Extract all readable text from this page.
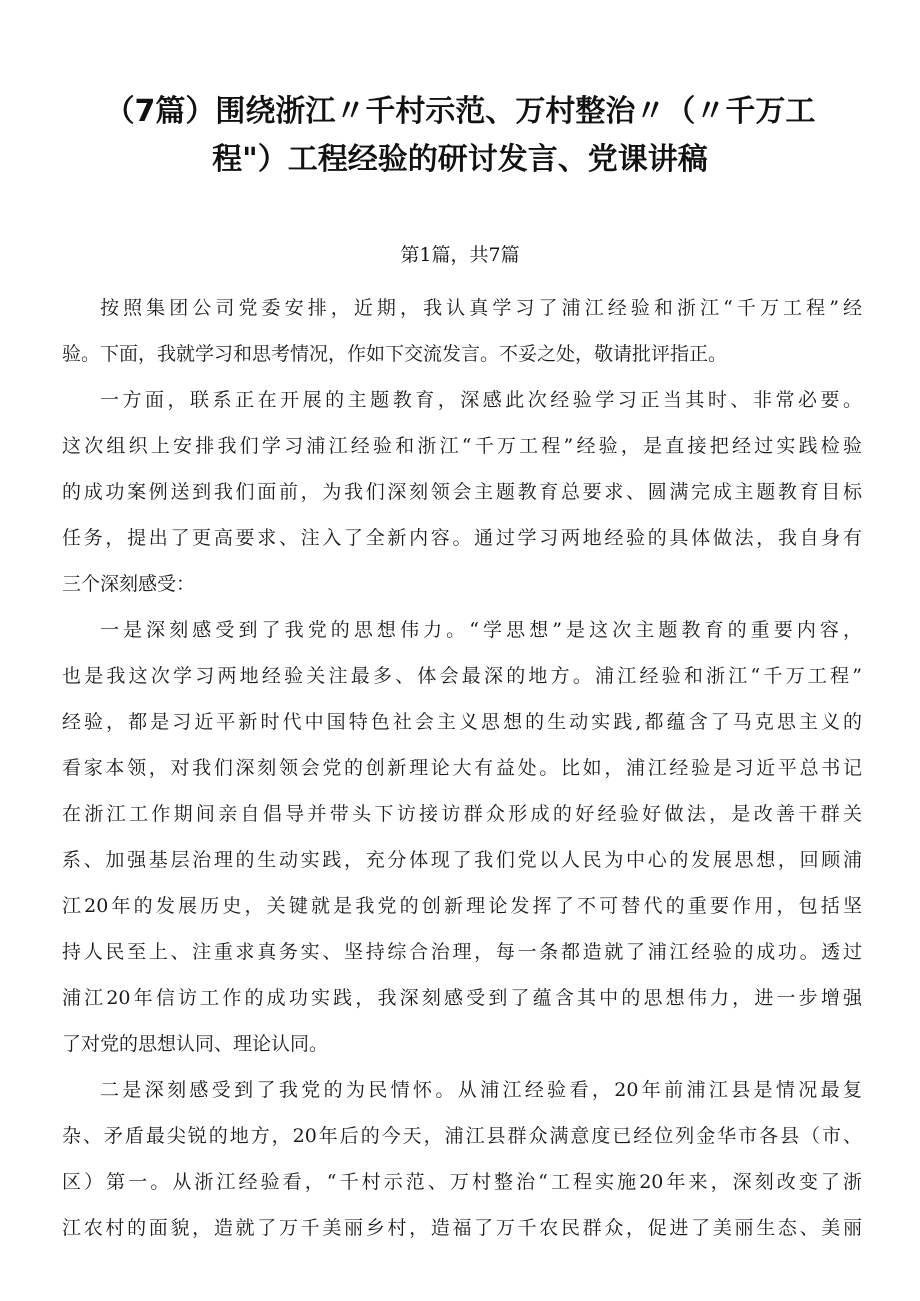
（7篇）围绕浙江〃千村示范、万村整治〃（〃千万工
程"）工程经验的研讨发言、党课讲稿
第1篇，共7篇

按照集团公司党委安排，近期，我认真学习了浦江经验和浙江“千万工程”经
验。下面，我就学习和思考情况，作如下交流发言。不妥之处，敬请批评指正。

一方面，联系正在开展的主题教育，深感此次经验学习正当其时、非常必要。
这次组织上安排我们学习浦江经验和浙江“千万工程”经验，是直接把经过实践检验
的成功案例送到我们面前，为我们深刻领会主题教育总要求、圆满完成主题教育目标
任务，提出了更高要求、注入了全新内容。通过学习两地经验的具体做法，我自身有
三个深刻感受：

一是深刻感受到了我党的思想伟力。“学思想”是这次主题教育的重要内容，
也是我这次学习两地经验关注最多、体会最深的地方。浦江经验和浙江“千万工程”
经验，都是习近平新时代中国特色社会主义思想的生动实践,都蕴含了马克思主义的
看家本领，对我们深刻领会党的创新理论大有益处。比如，浦江经验是习近平总书记
在浙江工作期间亲自倡导并带头下访接访群众形成的好经验好做法，是改善干群关
系、加强基层治理的生动实践，充分体现了我们党以人民为中心的发展思想，回顾浦
江20年的发展历史，关键就是我党的创新理论发挥了不可替代的重要作用，包括坚
持人民至上、注重求真务实、坚持综合治理，每一条都造就了浦江经验的成功。透过
浦江20年信访工作的成功实践，我深刻感受到了蕴含其中的思想伟力，进一步增强
了对党的思想认同、理论认同。

二是深刻感受到了我党的为民情怀。从浦江经验看，20年前浦江县是情况最复
杂、矛盾最尖锐的地方，20年后的今天，浦江县群众满意度已经位列金华市各县（市、
区）第一。从浙江经验看，“千村示范、万村整治“工程实施20年来，深刻改变了浙
江农村的面貌，造就了万千美丽乡村，造福了万千农民群众，促进了美丽生态、美丽
